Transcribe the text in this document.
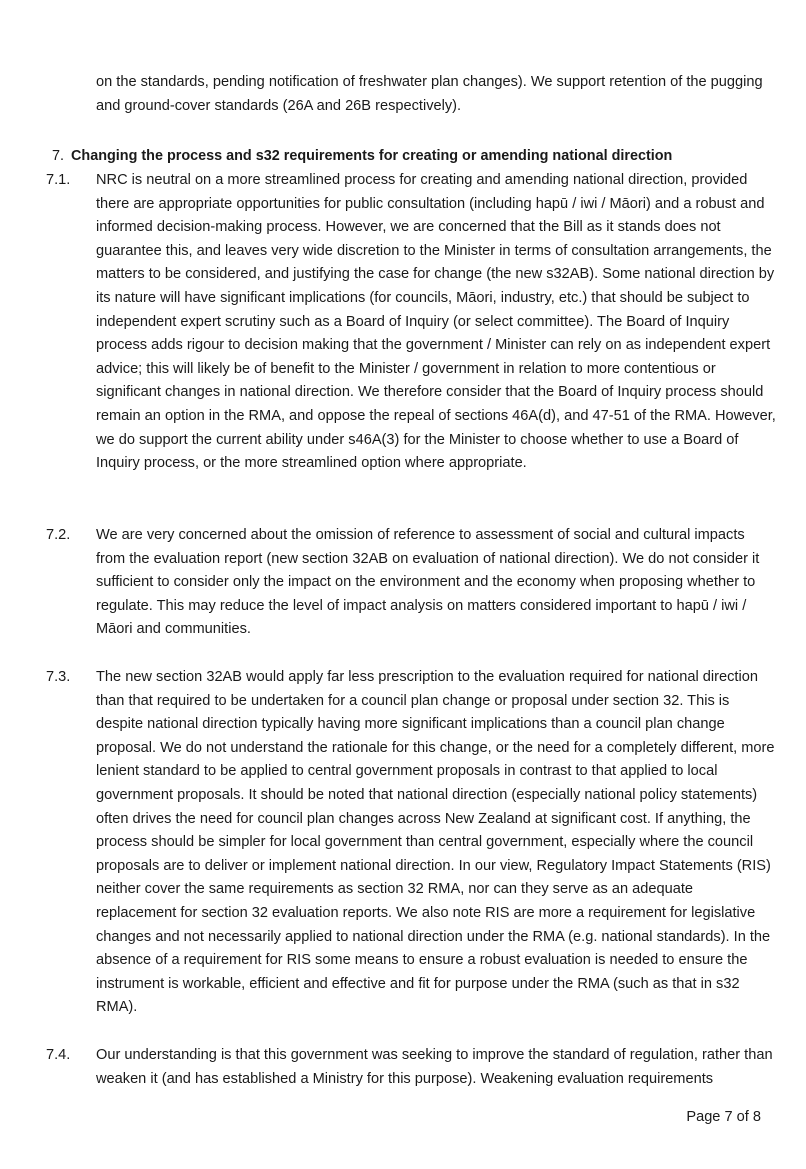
on the standards, pending notification of freshwater plan changes). We support retention of the pugging and ground-cover standards (26A and 26B respectively).
7. Changing the process and s32 requirements for creating or amending national direction
7.1. NRC is neutral on a more streamlined process for creating and amending national direction, provided there are appropriate opportunities for public consultation (including hapū / iwi / Māori) and a robust and informed decision-making process. However, we are concerned that the Bill as it stands does not guarantee this, and leaves very wide discretion to the Minister in terms of consultation arrangements, the matters to be considered, and justifying the case for change (the new s32AB). Some national direction by its nature will have significant implications (for councils, Māori, industry, etc.) that should be subject to independent expert scrutiny such as a Board of Inquiry (or select committee). The Board of Inquiry process adds rigour to decision making that the government / Minister can rely on as independent expert advice; this will likely be of benefit to the Minister / government in relation to more contentious or significant changes in national direction. We therefore consider that the Board of Inquiry process should remain an option in the RMA, and oppose the repeal of sections 46A(d), and 47-51 of the RMA. However, we do support the current ability under s46A(3) for the Minister to choose whether to use a Board of Inquiry process, or the more streamlined option where appropriate.
7.2. We are very concerned about the omission of reference to assessment of social and cultural impacts from the evaluation report (new section 32AB on evaluation of national direction). We do not consider it sufficient to consider only the impact on the environment and the economy when proposing whether to regulate. This may reduce the level of impact analysis on matters considered important to hapū / iwi / Māori and communities.
7.3. The new section 32AB would apply far less prescription to the evaluation required for national direction than that required to be undertaken for a council plan change or proposal under section 32. This is despite national direction typically having more significant implications than a council plan change proposal. We do not understand the rationale for this change, or the need for a completely different, more lenient standard to be applied to central government proposals in contrast to that applied to local government proposals. It should be noted that national direction (especially national policy statements) often drives the need for council plan changes across New Zealand at significant cost. If anything, the process should be simpler for local government than central government, especially where the council proposals are to deliver or implement national direction. In our view, Regulatory Impact Statements (RIS) neither cover the same requirements as section 32 RMA, nor can they serve as an adequate replacement for section 32 evaluation reports. We also note RIS are more a requirement for legislative changes and not necessarily applied to national direction under the RMA (e.g. national standards). In the absence of a requirement for RIS some means to ensure a robust evaluation is needed to ensure the instrument is workable, efficient and effective and fit for purpose under the RMA (such as that in s32 RMA).
7.4. Our understanding is that this government was seeking to improve the standard of regulation, rather than weaken it (and has established a Ministry for this purpose). Weakening evaluation requirements
Page 7 of 8
